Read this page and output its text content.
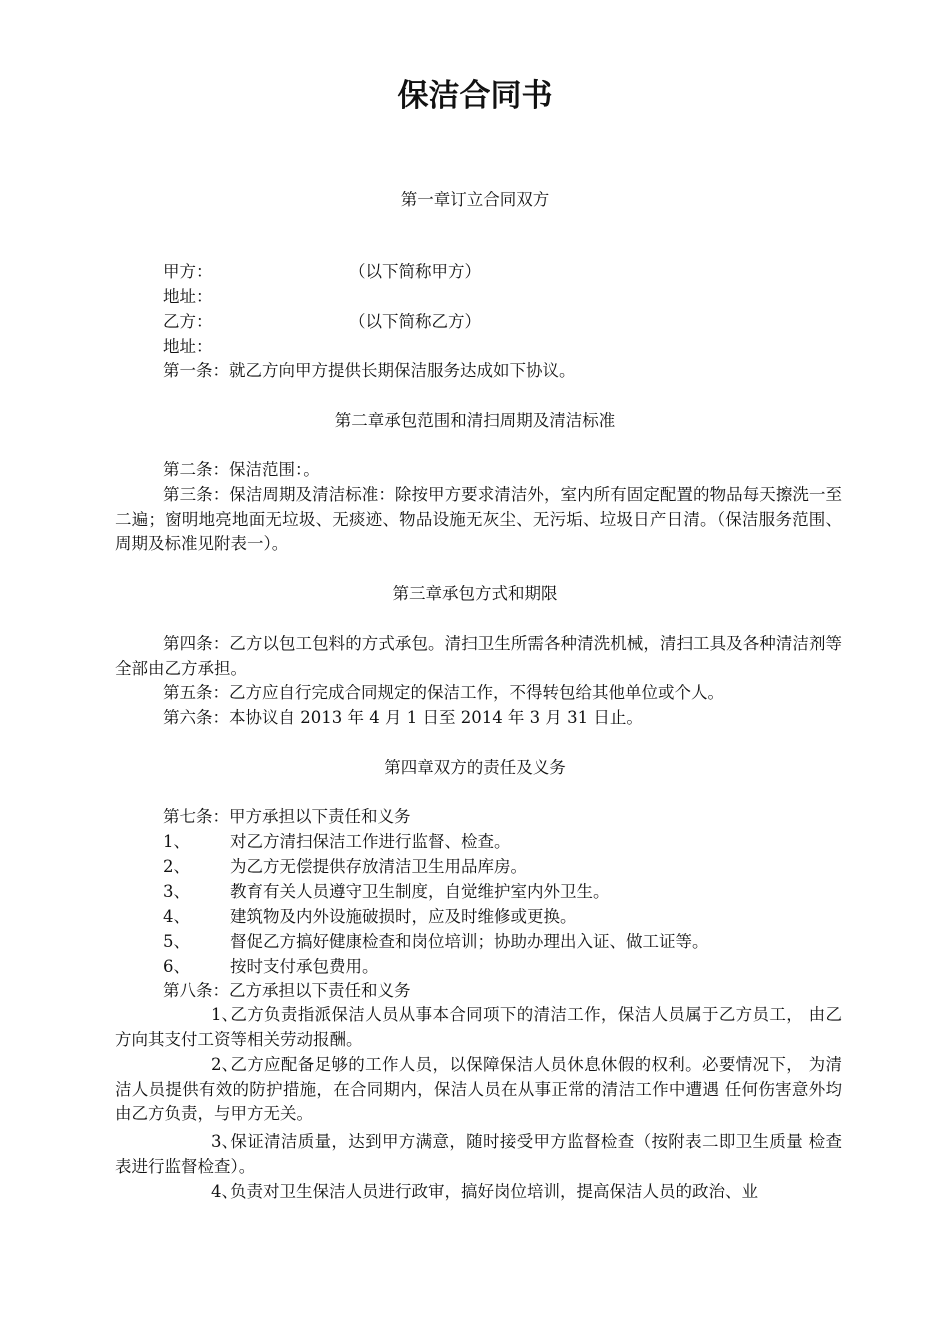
保洁合同书
第一章订立合同双方
甲方：	（以下简称甲方）
地址：
乙方：	（以下简称乙方）
地址：
第一条：就乙方向甲方提供长期保洁服务达成如下协议。
第二章承包范围和清扫周期及清洁标准
第二条：保洁范围：。
第三条：保洁周期及清洁标准：除按甲方要求清洁外，室内所有固定配置的物品每天擦洗一至二遍；窗明地亮地面无垃圾、无痰迹、物品设施无灰尘、无污垢、垃圾日产日清。（保洁服务范围、周期及标准见附表一）。
第三章承包方式和期限
第四条：乙方以包工包料的方式承包。清扫卫生所需各种清洗机械，清扫工具及各种清洁剂等全部由乙方承担。
第五条：乙方应自行完成合同规定的保洁工作，不得转包给其他单位或个人。
第六条：本协议自 2013 年 4 月 1 日至 2014 年 3 月 31 日止。
第四章双方的责任及义务
第七条：甲方承担以下责任和义务
1、 对乙方清扫保洁工作进行监督、检查。
2、 为乙方无偿提供存放清洁卫生用品库房。
3、 教育有关人员遵守卫生制度，自觉维护室内外卫生。
4、 建筑物及内外设施破损时，应及时维修或更换。
5、 督促乙方搞好健康检查和岗位培训；协助办理出入证、做工证等。
6、 按时支付承包费用。
第八条：乙方承担以下责任和义务
1、乙方负责指派保洁人员从事本合同项下的清洁工作，保洁人员属于乙方员工， 由乙方向其支付工资等相关劳动报酬。
2、乙方应配备足够的工作人员，以保障保洁人员休息休假的权利。必要情况下， 为清洁人员提供有效的防护措施，在合同期内，保洁人员在从事正常的清洁工作中遭遇 任何伤害意外均由乙方负责，与甲方无关。
3、保证清洁质量，达到甲方满意，随时接受甲方监督检查（按附表二即卫生质量 检查表进行监督检查）。
4、负责对卫生保洁人员进行政审，搞好岗位培训，提高保洁人员的政治、业
